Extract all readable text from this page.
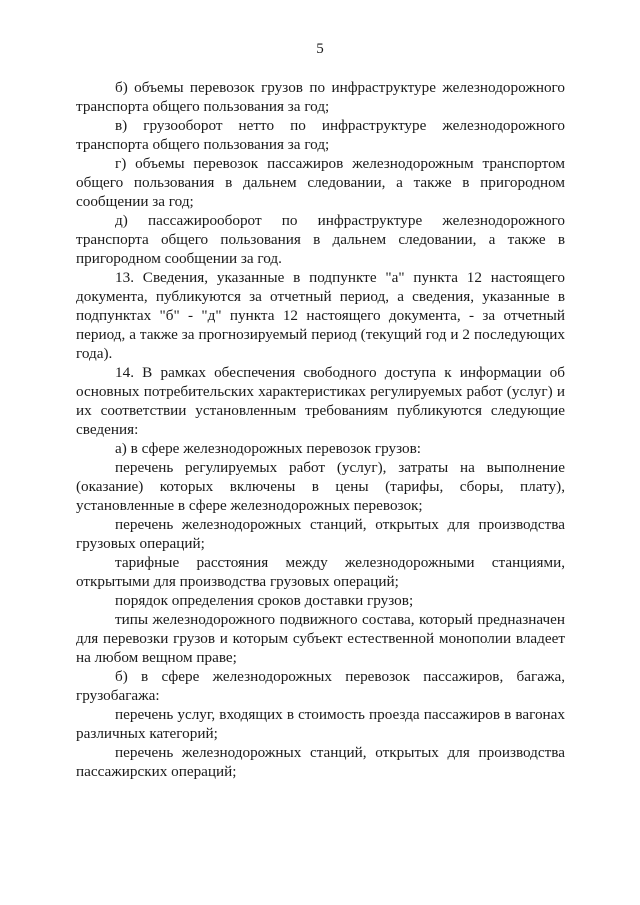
5

б) объемы перевозок грузов по инфраструктуре железнодорожного транспорта общего пользования за год;

в) грузооборот нетто по инфраструктуре железнодорожного транспорта общего пользования за год;

г) объемы перевозок пассажиров железнодорожным транспортом общего пользования в дальнем следовании, а также в пригородном сообщении за год;

д) пассажирооборот по инфраструктуре железнодорожного транспорта общего пользования в дальнем следовании, а также в пригородном сообщении за год.

13. Сведения, указанные в подпункте "а" пункта 12 настоящего документа, публикуются за отчетный период, а сведения, указанные в подпунктах "б" - "д" пункта 12 настоящего документа, - за отчетный период, а также за прогнозируемый период (текущий год и 2 последующих года).

14. В рамках обеспечения свободного доступа к информации об основных потребительских характеристиках регулируемых работ (услуг) и их соответствии установленным требованиям публикуются следующие сведения:

а) в сфере железнодорожных перевозок грузов:

перечень регулируемых работ (услуг), затраты на выполнение (оказание) которых включены в цены (тарифы, сборы, плату), установленные в сфере железнодорожных перевозок;

перечень железнодорожных станций, открытых для производства грузовых операций;

тарифные расстояния между железнодорожными станциями, открытыми для производства грузовых операций;

порядок определения сроков доставки грузов;

типы железнодорожного подвижного состава, который предназначен для перевозки грузов и которым субъект естественной монополии владеет на любом вещном праве;

б) в сфере железнодорожных перевозок пассажиров, багажа, грузобагажа:

перечень услуг, входящих в стоимость проезда пассажиров в вагонах различных категорий;

перечень железнодорожных станций, открытых для производства пассажирских операций;
